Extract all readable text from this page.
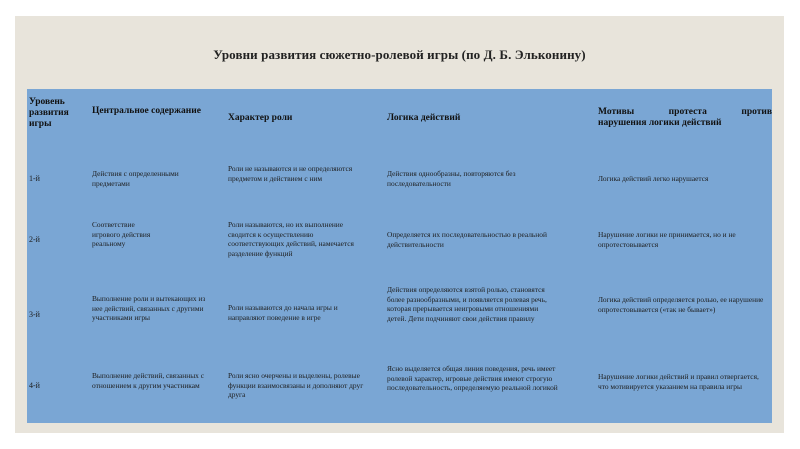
Уровни развития сюжетно-ролевой игры (по Д. Б. Эльконину)
Уровень развития игры
Центральное содержание
Характер роли	Логика действий
Мотивы протеста против
нарушения логики действий
1-й
Действия с определенными предметами
Роли не называются и не определяются предметом и действием с ним
Действия однообразны, повторяются без последовательности
Логика действий легко нарушается
2-й
Соответствие игрового действия реальному
Роли называются, но их выполнение сводится к осуществлению соответствующих действий, намечается разделение функций
Определяется их последовательностью в реальной действительности
Нарушение логики не принимается, но и не опротестовывается
3-й
Выполнение роли и вытекающих из нее действий, связанных с другими участниками игры
Роли называются до начала игры и направляют поведение в игре
Действия определяются взятой ролью, становятся более разнообразными, и появляется ролевая речь, которая прерывается неигровыми отношениями детей. Дети подчиняют свои действия правилу
Логика действий определяется ролью, ее нарушение опротестовывается («так не бывает»)
4-й
Выполнение действий, связанных с отношением к другим участникам
Роли ясно очерчены и выделены, ролевые функции взаимосвязаны и дополняют друг друга
Ясно выделяется общая линия поведения, речь имеет ролевой характер, игровые действия имеют строгую последовательность, определяемую реальной логикой
Нарушение логики действий и правил отвергается, что мотивируется указанием на правила игры
